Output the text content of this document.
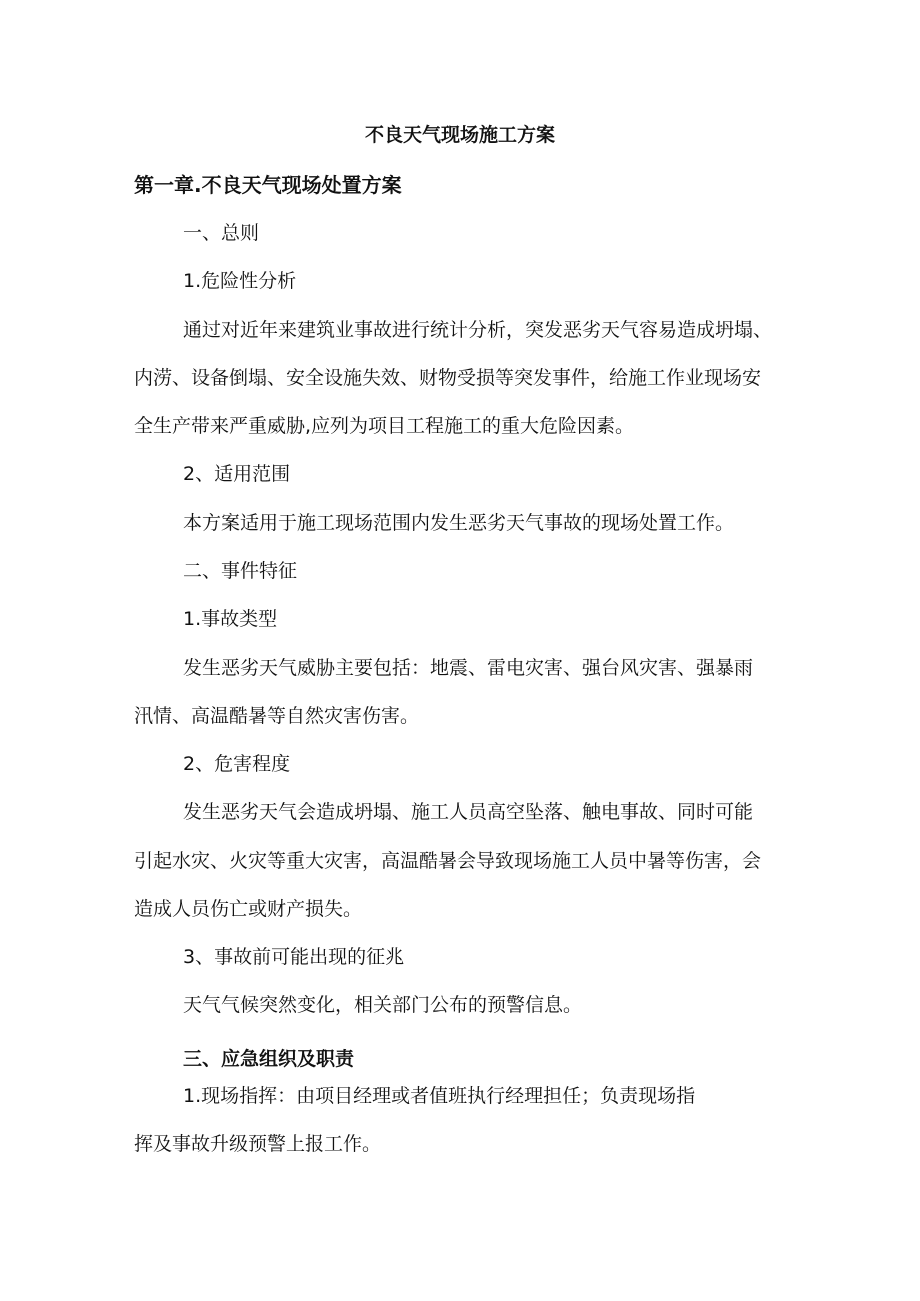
不良天气现场施工方案
第一章.不良天气现场处置方案
一、总则
1.危险性分析
通过对近年来建筑业事故进行统计分析，突发恶劣天气容易造成坍塌、
内涝、设备倒塌、安全设施失效、财物受损等突发事件，给施工作业现场安
全生产带来严重威胁,应列为项目工程施工的重大危险因素。
2、适用范围
本方案适用于施工现场范围内发生恶劣天气事故的现场处置工作。
二、事件特征
1.事故类型
发生恶劣天气威胁主要包括：地震、雷电灾害、强台风灾害、强暴雨
汛情、高温酷暑等自然灾害伤害。
2、危害程度
发生恶劣天气会造成坍塌、施工人员高空坠落、触电事故、同时可能
引起水灾、火灾等重大灾害，高温酷暑会导致现场施工人员中暑等伤害，会
造成人员伤亡或财产损失。
3、事故前可能出现的征兆
天气气候突然变化，相关部门公布的预警信息。
三、应急组织及职责
1.现场指挥：由项目经理或者值班执行经理担任；负责现场指
挥及事故升级预警上报工作。
